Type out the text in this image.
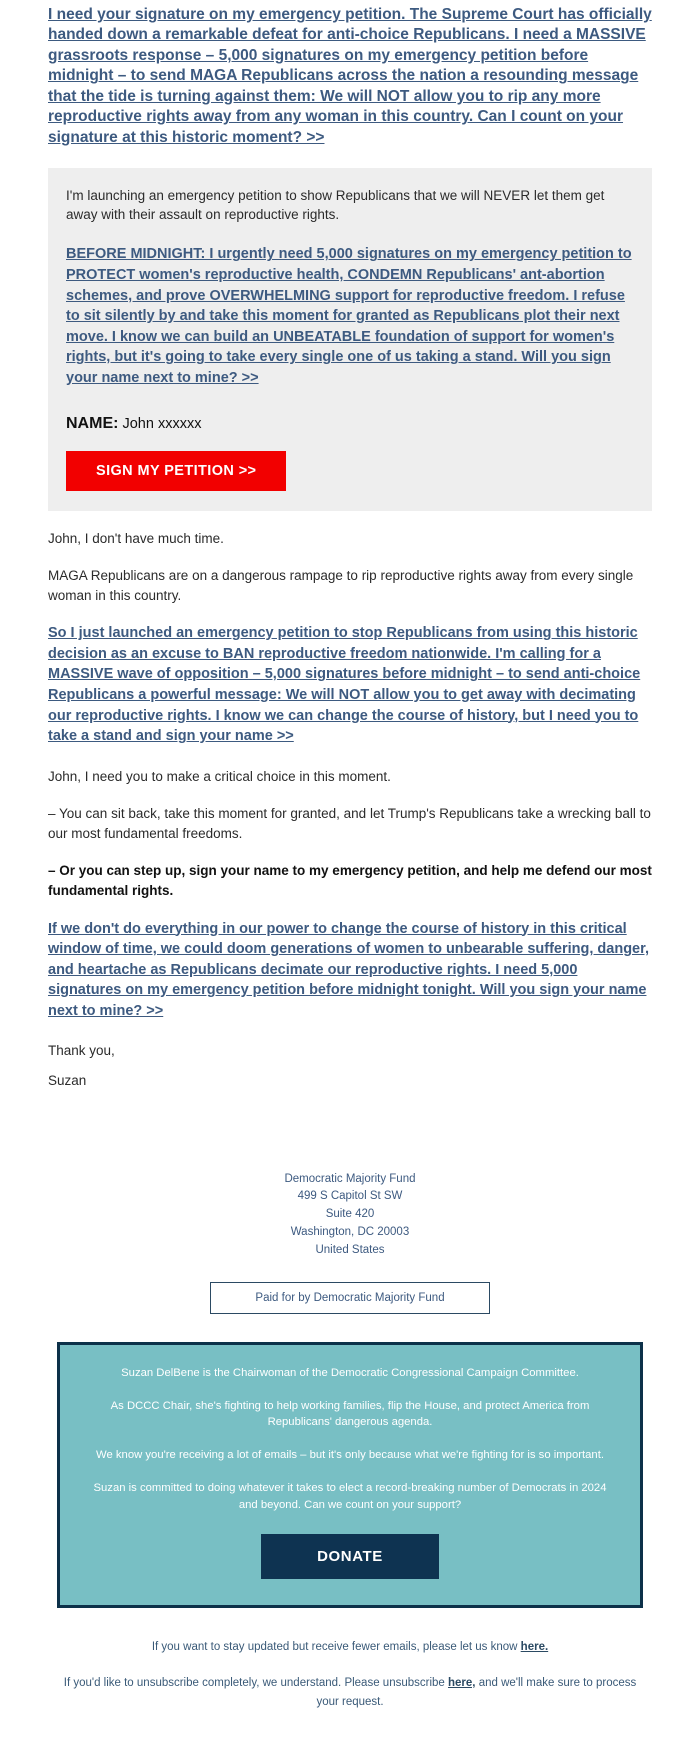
I need your signature on my emergency petition. The Supreme Court has officially handed down a remarkable defeat for anti-choice Republicans. I need a MASSIVE grassroots response – 5,000 signatures on my emergency petition before midnight – to send MAGA Republicans across the nation a resounding message that the tide is turning against them: We will NOT allow you to rip any more reproductive rights away from any woman in this country. Can I count on your signature at this historic moment? >>

I'm launching an emergency petition to show Republicans that we will NEVER let them get away with their assault on reproductive rights.

BEFORE MIDNIGHT: I urgently need 5,000 signatures on my emergency petition to PROTECT women's reproductive health, CONDEMN Republicans' ant-abortion schemes, and prove OVERWHELMING support for reproductive freedom. I refuse to sit silently by and take this moment for granted as Republicans plot their next move. I know we can build an UNBEATABLE foundation of support for women's rights, but it's going to take every single one of us taking a stand. Will you sign your name next to mine? >>

NAME: John xxxxxx
SIGN MY PETITION >>

John, I don't have much time.

MAGA Republicans are on a dangerous rampage to rip reproductive rights away from every single woman in this country.

So I just launched an emergency petition to stop Republicans from using this historic decision as an excuse to BAN reproductive freedom nationwide. I'm calling for a MASSIVE wave of opposition – 5,000 signatures before midnight – to send anti-choice Republicans a powerful message: We will NOT allow you to get away with decimating our reproductive rights. I know we can change the course of history, but I need you to take a stand and sign your name >>

John, I need you to make a critical choice in this moment.

– You can sit back, take this moment for granted, and let Trump's Republicans take a wrecking ball to our most fundamental freedoms.

– Or you can step up, sign your name to my emergency petition, and help me defend our most fundamental rights.

If we don't do everything in our power to change the course of history in this critical window of time, we could doom generations of women to unbearable suffering, danger, and heartache as Republicans decimate our reproductive rights. I need 5,000 signatures on my emergency petition before midnight tonight. Will you sign your name next to mine? >>

Thank you,

Suzan

Democratic Majority Fund
499 S Capitol St SW
Suite 420
Washington, DC 20003
United States
Paid for by Democratic Majority Fund

Suzan DelBene is the Chairwoman of the Democratic Congressional Campaign Committee.

As DCCC Chair, she's fighting to help working families, flip the House, and protect America from Republicans' dangerous agenda.

We know you're receiving a lot of emails – but it's only because what we're fighting for is so important.

Suzan is committed to doing whatever it takes to elect a record-breaking number of Democrats in 2024 and beyond. Can we count on your support?

DONATE

If you want to stay updated but receive fewer emails, please let us know here.

If you'd like to unsubscribe completely, we understand. Please unsubscribe here, and we'll make sure to process your request.
